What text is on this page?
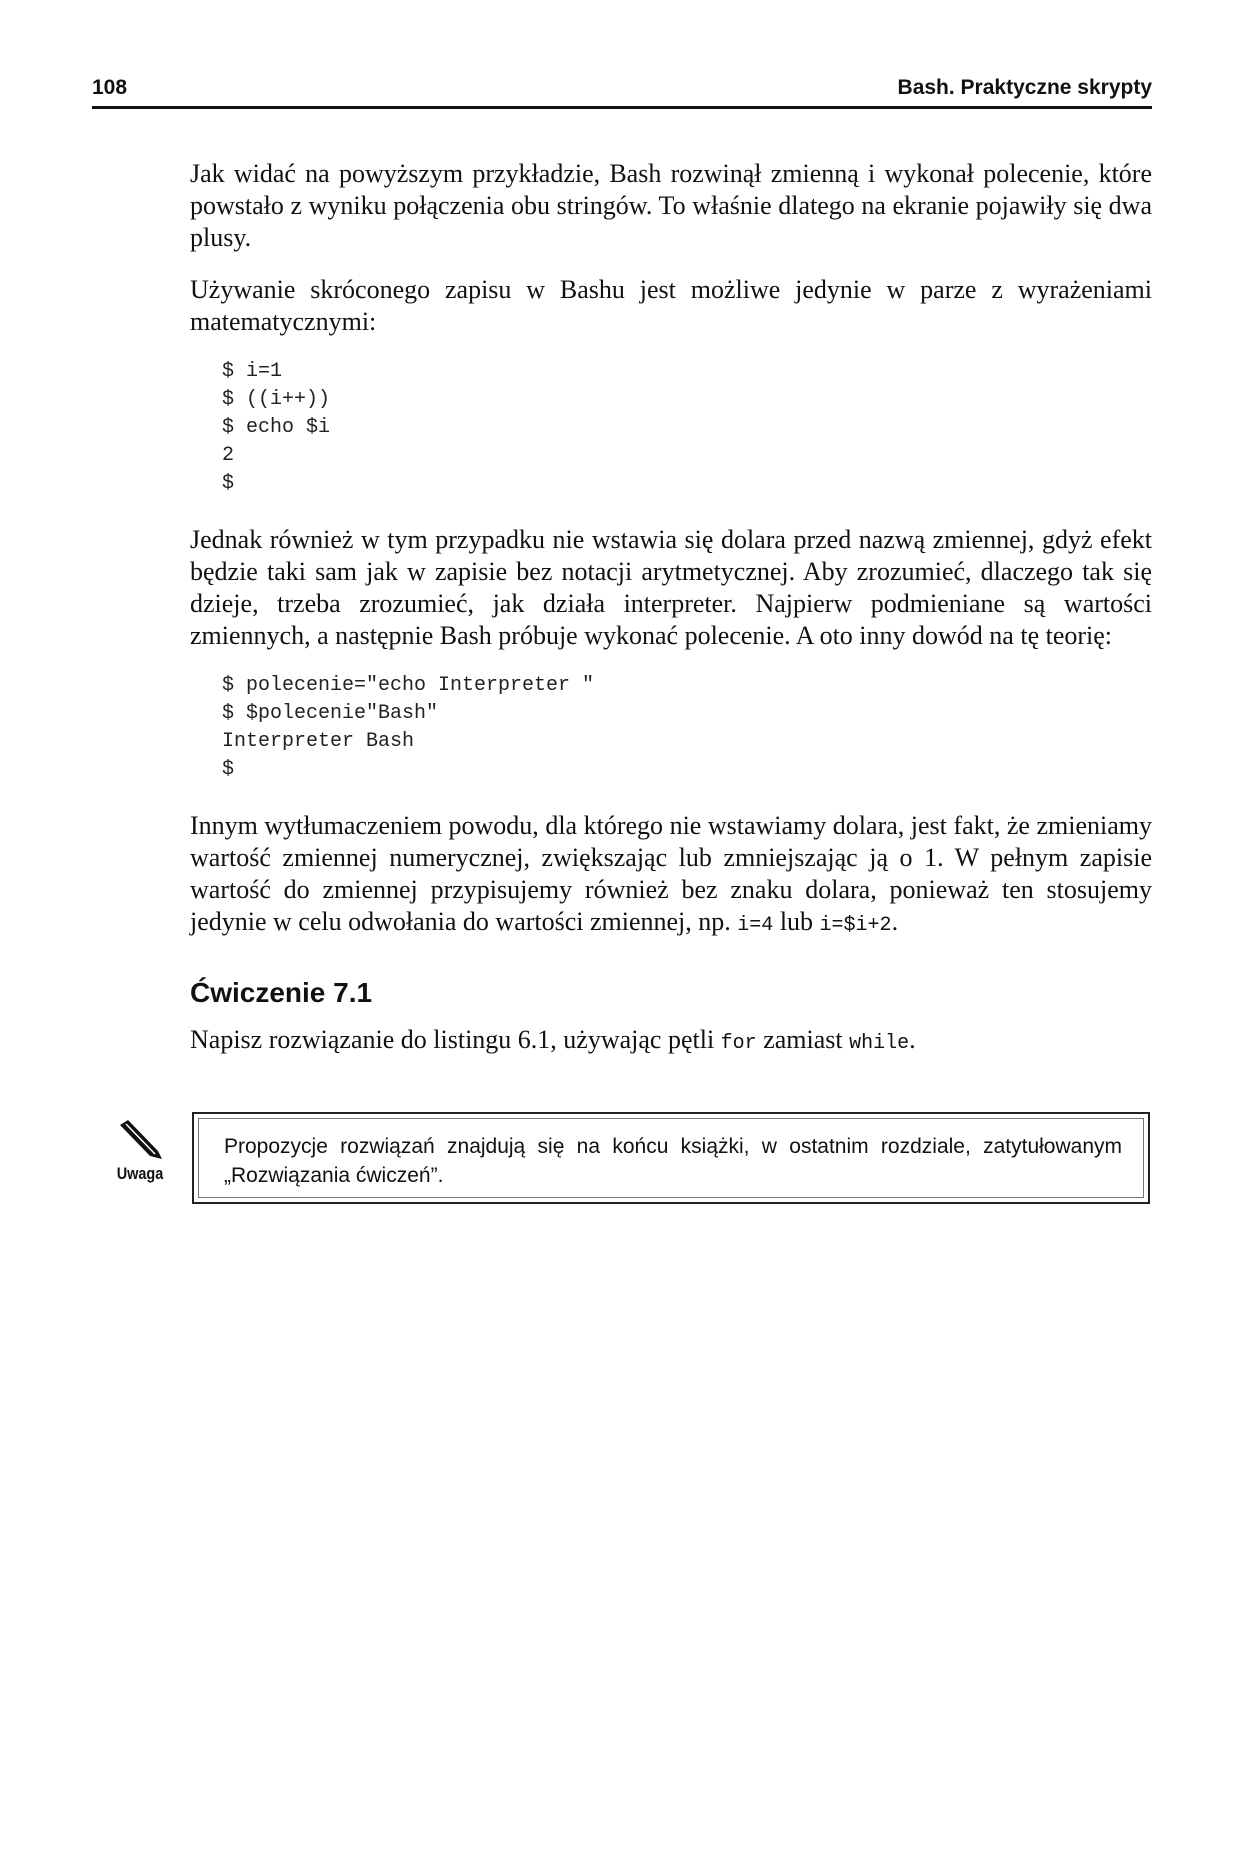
108	Bash. Praktyczne skrypty

Jak widać na powyższym przykładzie, Bash rozwinął zmienną i wykonał polecenie, które powstało z wyniku połączenia obu stringów. To właśnie dlatego na ekranie pojawiły się dwa plusy.

Używanie skróconego zapisu w Bashu jest możliwe jedynie w parze z wyrażeniami matematycznymi:

$ i=1
$ ((i++))
$ echo $i
2
$

Jednak również w tym przypadku nie wstawia się dolara przed nazwą zmiennej, gdyż efekt będzie taki sam jak w zapisie bez notacji arytmetycznej. Aby zrozumieć, dlaczego tak się dzieje, trzeba zrozumieć, jak działa interpreter. Najpierw podmieniane są wartości zmiennych, a następnie Bash próbuje wykonać polecenie. A oto inny dowód na tę teorię:

$ polecenie="echo Interpreter "
$ $polecenie"Bash"
Interpreter Bash
$

Innym wytłumaczeniem powodu, dla którego nie wstawiamy dolara, jest fakt, że zmieniamy wartość zmiennej numerycznej, zwiększając lub zmniejszając ją o 1. W pełnym zapisie wartość do zmiennej przypisujemy również bez znaku dolara, ponieważ ten stosujemy jedynie w celu odwołania do wartości zmiennej, np. i=4 lub i=$i+2.

Ćwiczenie 7.1

Napisz rozwiązanie do listingu 6.1, używając pętli for zamiast while.

Uwaga
Propozycje rozwiązań znajdują się na końcu książki, w ostatnim rozdziale, zatytułowanym „Rozwiązania ćwiczeń”.
